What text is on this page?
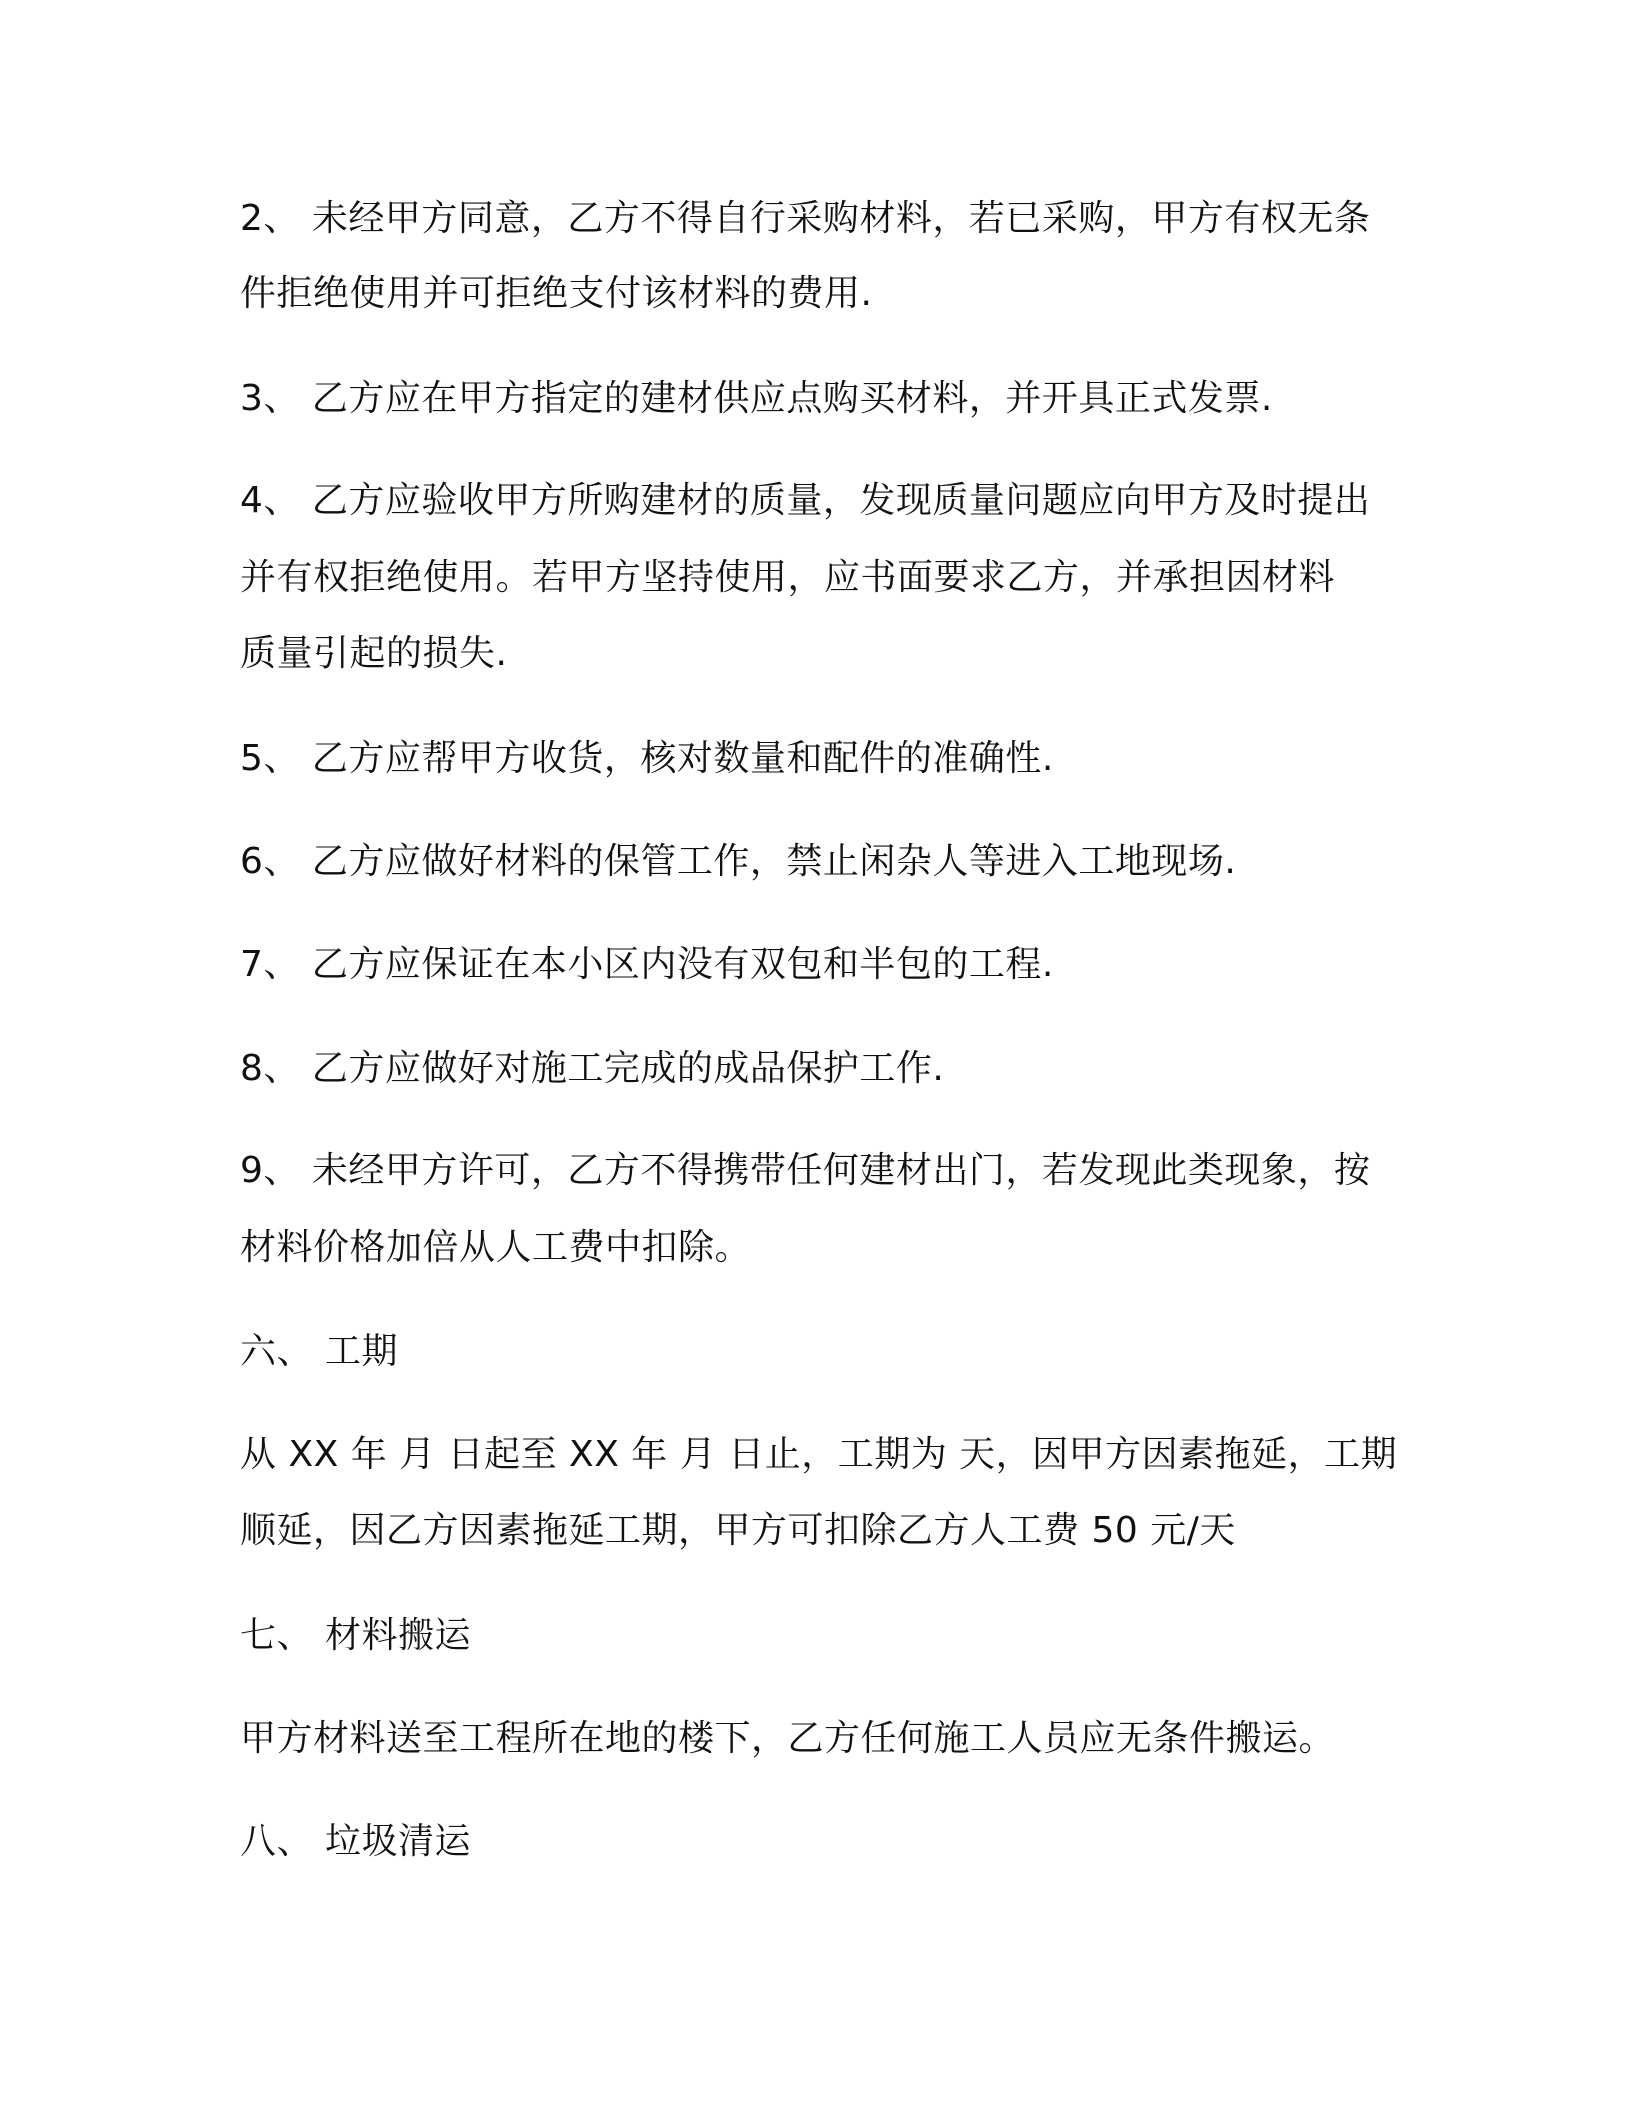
2、 未经甲方同意，乙方不得自行采购材料，若已采购，甲方有权无条
件拒绝使用并可拒绝支付该材料的费用.
3、 乙方应在甲方指定的建材供应点购买材料，并开具正式发票.
4、 乙方应验收甲方所购建材的质量，发现质量问题应向甲方及时提出
并有权拒绝使用。若甲方坚持使用，应书面要求乙方，并承担因材料
质量引起的损失.
5、 乙方应帮甲方收货，核对数量和配件的准确性.
6、 乙方应做好材料的保管工作，禁止闲杂人等进入工地现场.
7、 乙方应保证在本小区内没有双包和半包的工程.
8、 乙方应做好对施工完成的成品保护工作.
9、 未经甲方许可，乙方不得携带任何建材出门，若发现此类现象，按
材料价格加倍从人工费中扣除。
六、 工期
从 XX 年 月 日起至 XX 年 月 日止，工期为 天，因甲方因素拖延，工期
顺延，因乙方因素拖延工期，甲方可扣除乙方人工费 50 元/天
七、 材料搬运
甲方材料送至工程所在地的楼下，乙方任何施工人员应无条件搬运。
八、 垃圾清运
